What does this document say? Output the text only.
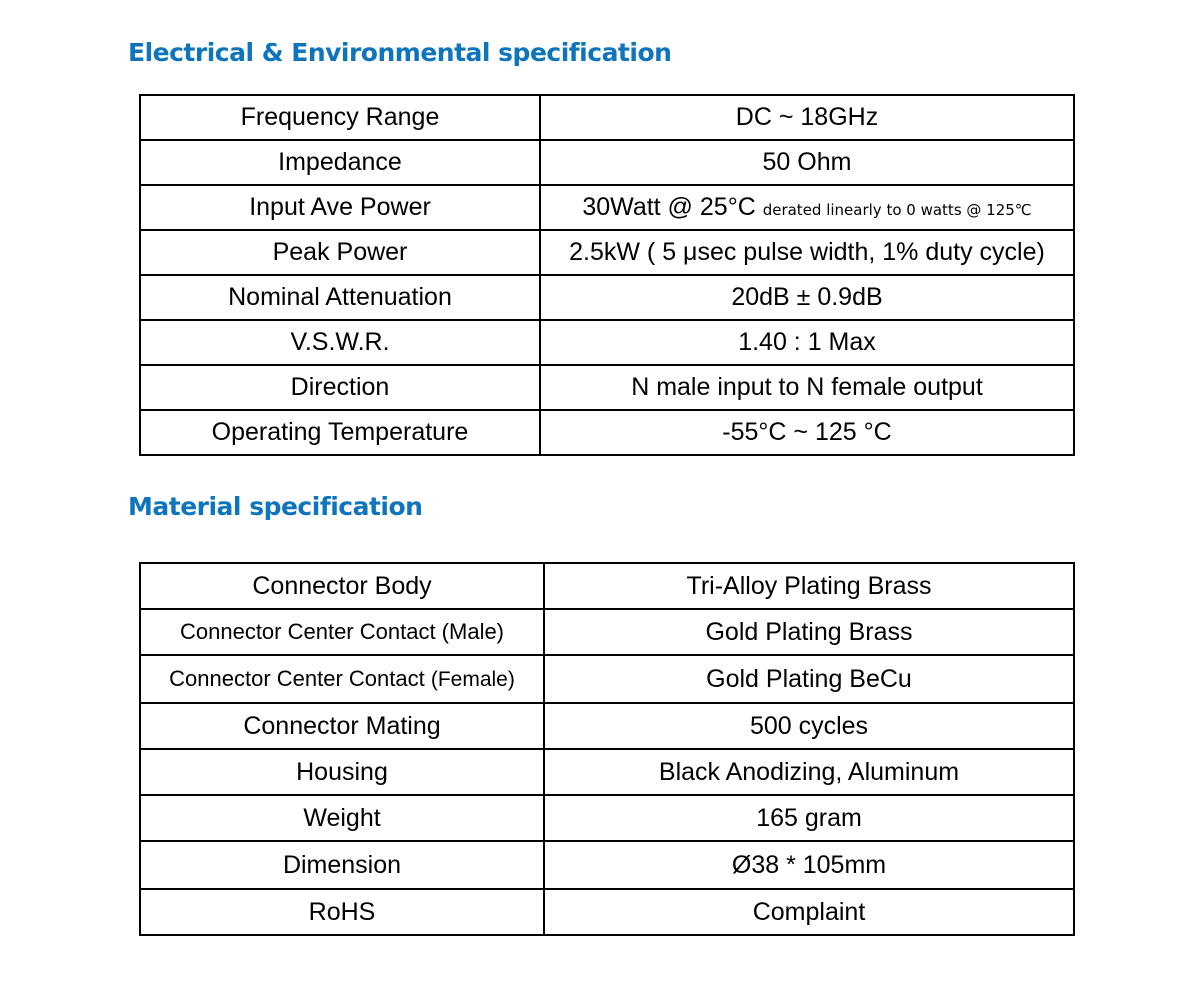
Electrical & Environmental specification
Frequency Range	DC ~ 18GHz
Impedance	50 Ohm
Input Ave Power	30Watt @ 25°C derated linearly to 0 watts @ 125℃
Peak Power	2.5kW ( 5 μsec pulse width, 1% duty cycle)
Nominal Attenuation	20dB ± 0.9dB
V.S.W.R.	1.40 : 1 Max
Direction	N male input to N female output
Operating Temperature	-55°C ~ 125 °C
Material specification
Connector Body	Tri-Alloy Plating Brass
Connector Center Contact (Male)	Gold Plating Brass
Connector Center Contact (Female)	Gold Plating BeCu
Connector Mating	500 cycles
Housing	Black Anodizing, Aluminum
Weight	165 gram
Dimension	Ø38 * 105mm
RoHS	Complaint
